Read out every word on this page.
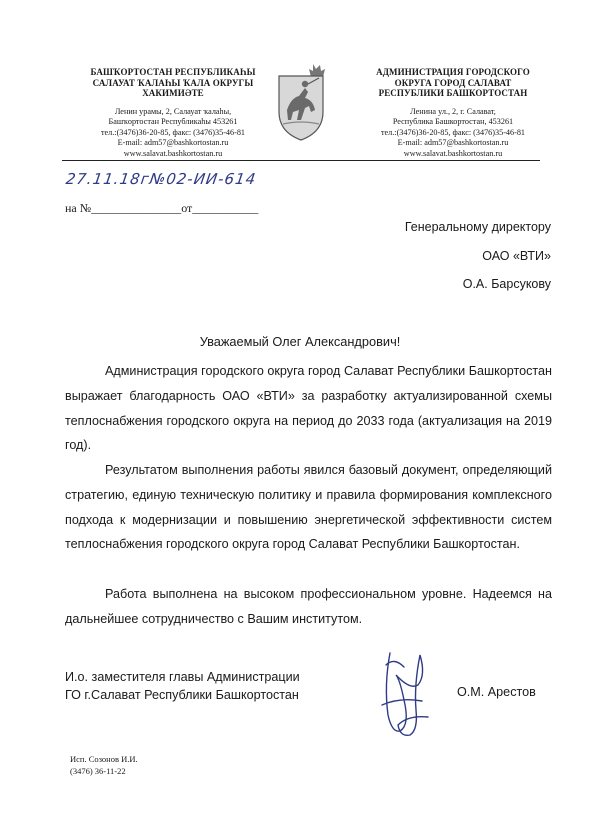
БАШҠОРТОСТАН РЕСПУБЛИКАҺЫ
САЛАУАТ ҠАЛАҺЫ ҠАЛА ОКРУГЫ
ХАКИМИӘТЕ
Ленин урамы, 2, Салауат ҡалаһы,
Башҡортостан Республикаһы 453261
тел.:(3476)36-20-85, факс: (3476)35-46-81
E-mail: adm57@bashkortostan.ru
www.salavat.bashkortostan.ru
АДМИНИСТРАЦИЯ ГОРОДСКОГО
ОКРУГА ГОРОД САЛАВАТ
РЕСПУБЛИКИ БАШКОРТОСТАН
Ленина ул., 2, г. Салават,
Республика Башкортостан, 453261
тел.:(3476)36-20-85, факс: (3476)35-46-81
E-mail: adm57@bashkortostan.ru
www.salavat.bashkortostan.ru
27.11.18г№02-ИИ-614
на №_______________от___________
Генеральному директору
ОАО «ВТИ»
О.А. Барсукову
Уважаемый Олег Александрович!
Администрация городского округа город Салават Республики Башкортостан выражает благодарность ОАО «ВТИ» за разработку актуализированной схемы теплоснабжения городского округа на период до 2033 года (актуализация на 2019 год).
Результатом выполнения работы явился базовый документ, определяющий стратегию, единую техническую политику и правила формирования комплексного подхода к модернизации и повышению энергетической эффективности систем теплоснабжения городского округа город Салават Республики Башкортостан.
Работа выполнена на высоком профессиональном уровне. Надеемся на дальнейшее сотрудничество с Вашим институтом.
И.о. заместителя главы Администрации
ГО г.Салават Республики Башкортостан	О.М. Арестов
Исп. Созонов И.И.
(3476) 36-11-22
